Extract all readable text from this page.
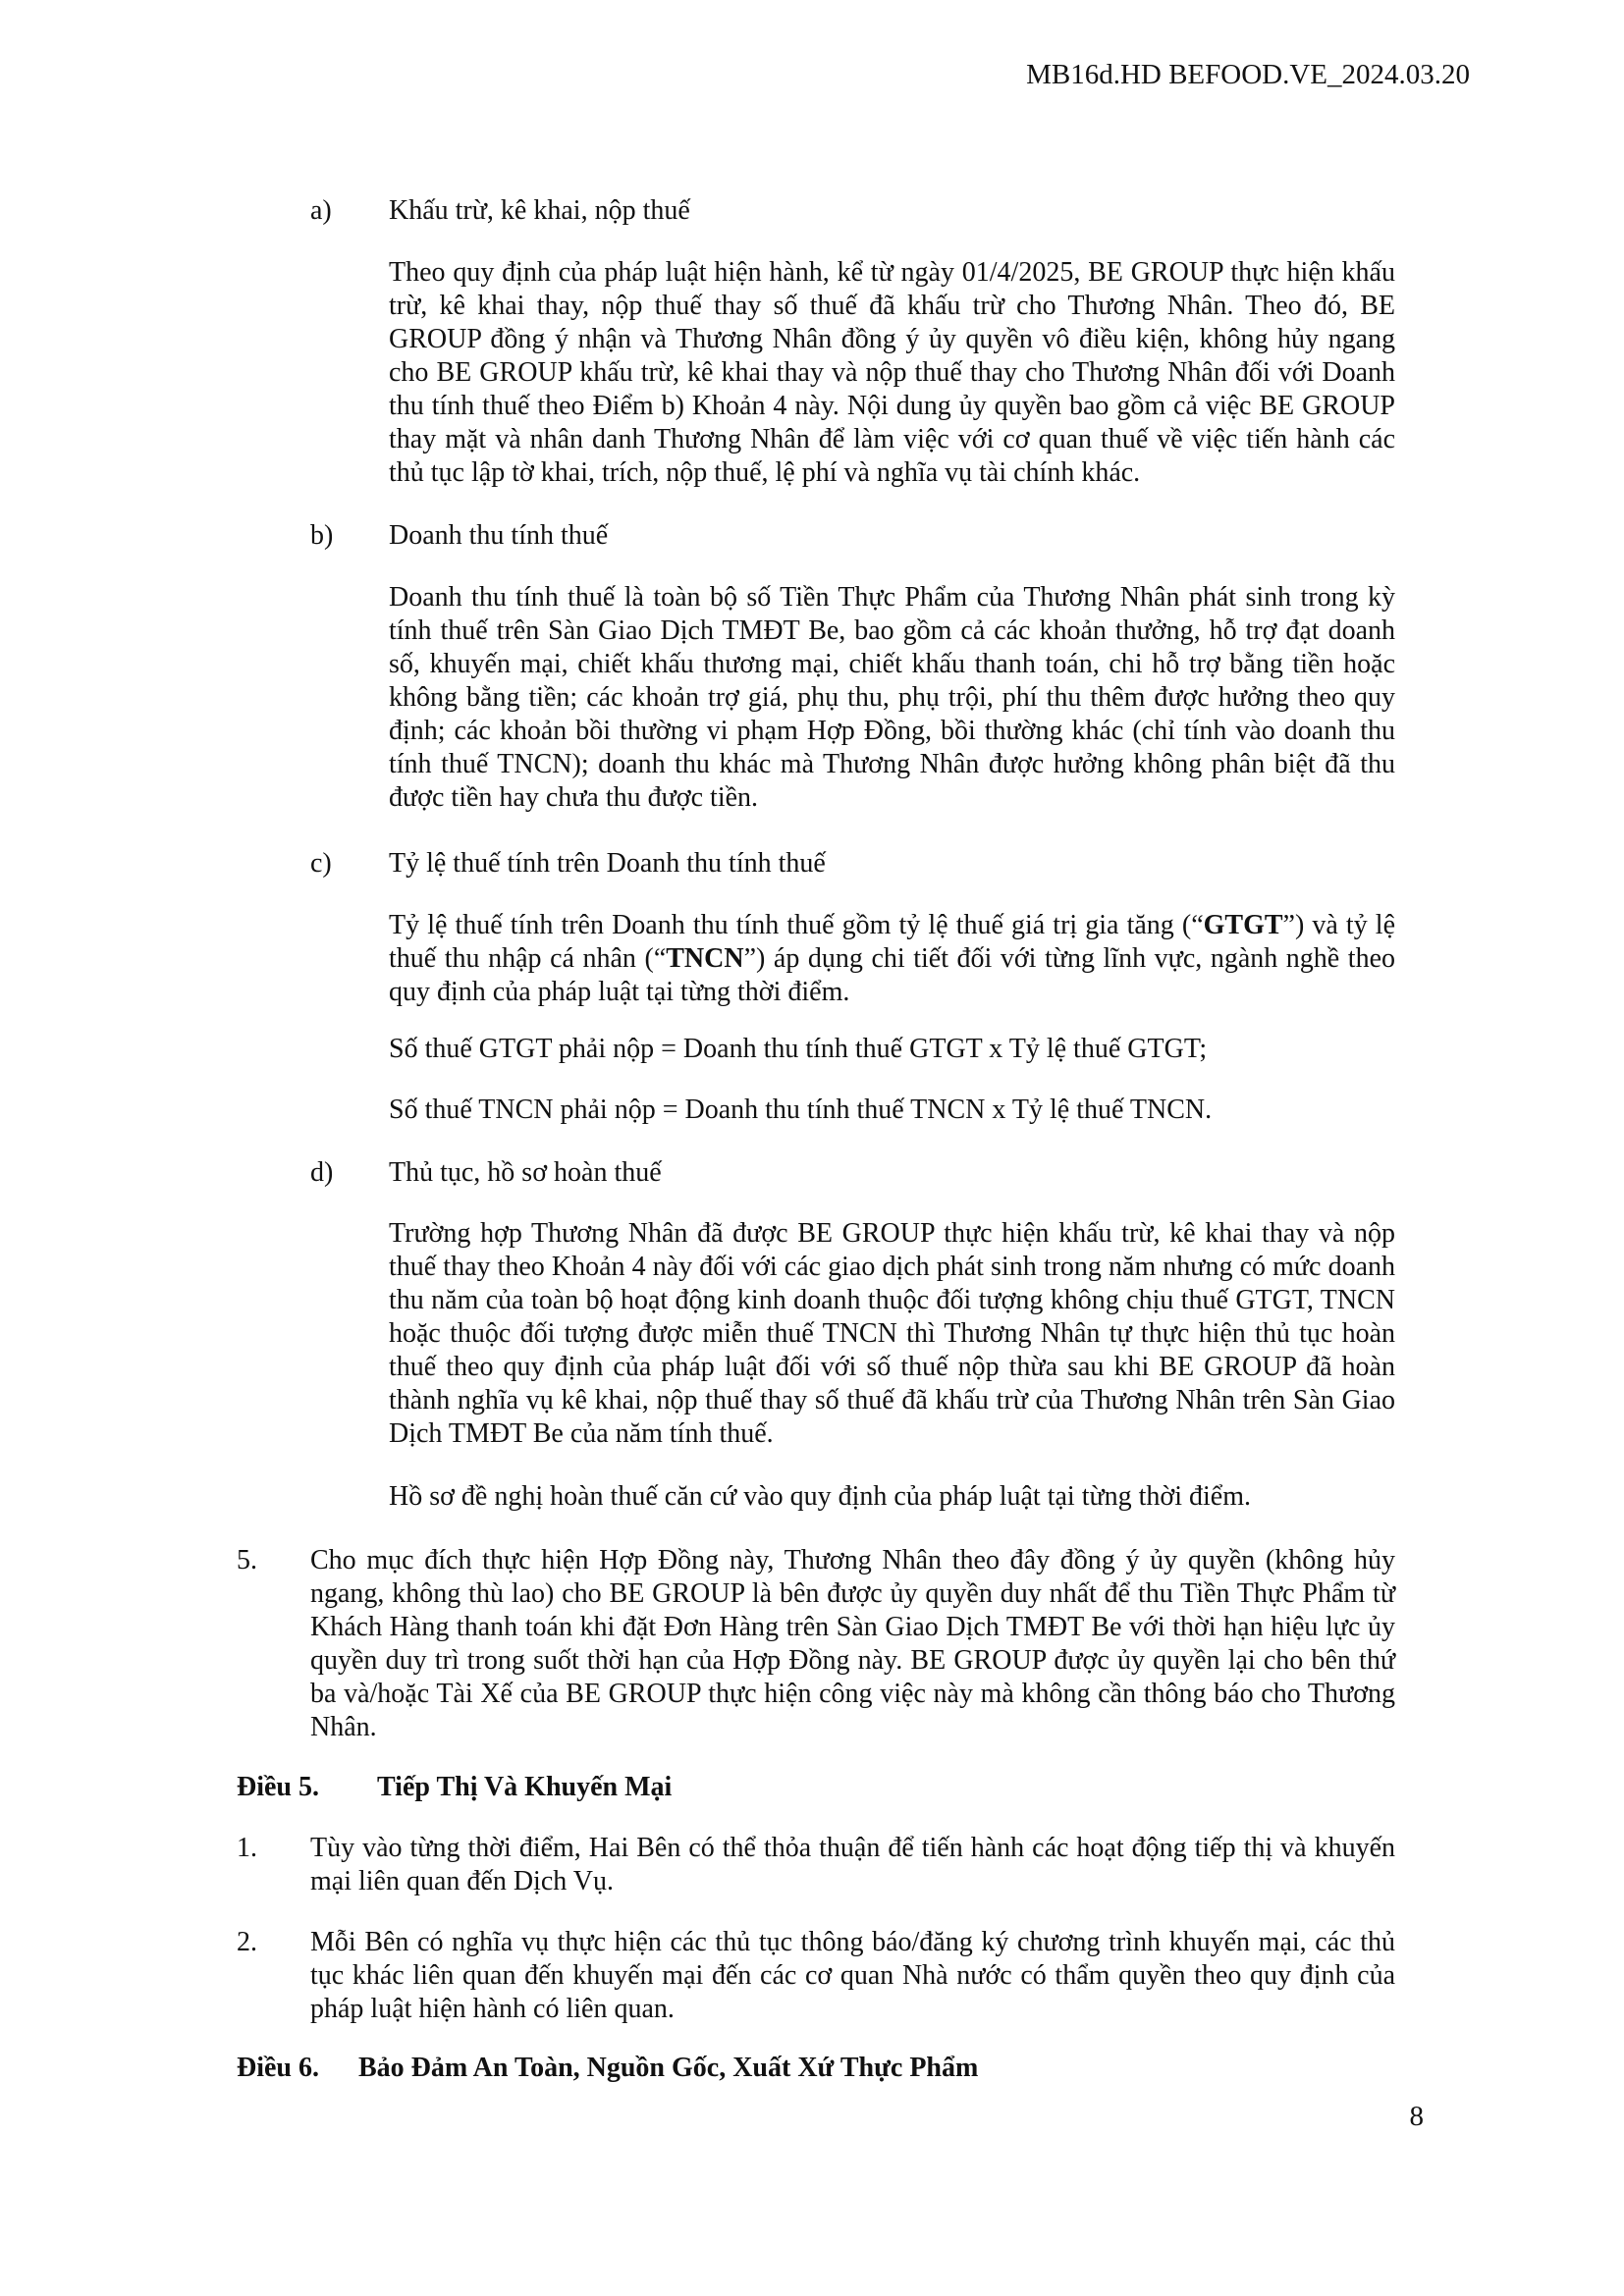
MB16d.HD BEFOOD.VE_2024.03.20
a) Khấu trừ, kê khai, nộp thuế
Theo quy định của pháp luật hiện hành, kể từ ngày 01/4/2025, BE GROUP thực hiện khấu trừ, kê khai thay, nộp thuế thay số thuế đã khấu trừ cho Thương Nhân. Theo đó, BE GROUP đồng ý nhận và Thương Nhân đồng ý ủy quyền vô điều kiện, không hủy ngang cho BE GROUP khấu trừ, kê khai thay và nộp thuế thay cho Thương Nhân đối với Doanh thu tính thuế theo Điểm b) Khoản 4 này. Nội dung ủy quyền bao gồm cả việc BE GROUP thay mặt và nhân danh Thương Nhân để làm việc với cơ quan thuế về việc tiến hành các thủ tục lập tờ khai, trích, nộp thuế, lệ phí và nghĩa vụ tài chính khác.
b) Doanh thu tính thuế
Doanh thu tính thuế là toàn bộ số Tiền Thực Phẩm của Thương Nhân phát sinh trong kỳ tính thuế trên Sàn Giao Dịch TMĐT Be, bao gồm cả các khoản thưởng, hỗ trợ đạt doanh số, khuyến mại, chiết khấu thương mại, chiết khấu thanh toán, chi hỗ trợ bằng tiền hoặc không bằng tiền; các khoản trợ giá, phụ thu, phụ trội, phí thu thêm được hưởng theo quy định; các khoản bồi thường vi phạm Hợp Đồng, bồi thường khác (chỉ tính vào doanh thu tính thuế TNCN); doanh thu khác mà Thương Nhân được hưởng không phân biệt đã thu được tiền hay chưa thu được tiền.
c) Tỷ lệ thuế tính trên Doanh thu tính thuế
Tỷ lệ thuế tính trên Doanh thu tính thuế gồm tỷ lệ thuế giá trị gia tăng (“GTGT”) và tỷ lệ thuế thu nhập cá nhân (“TNCN”) áp dụng chi tiết đối với từng lĩnh vực, ngành nghề theo quy định của pháp luật tại từng thời điểm.
Số thuế GTGT phải nộp = Doanh thu tính thuế GTGT x Tỷ lệ thuế GTGT;
Số thuế TNCN phải nộp = Doanh thu tính thuế TNCN x Tỷ lệ thuế TNCN.
d) Thủ tục, hồ sơ hoàn thuế
Trường hợp Thương Nhân đã được BE GROUP thực hiện khấu trừ, kê khai thay và nộp thuế thay theo Khoản 4 này đối với các giao dịch phát sinh trong năm nhưng có mức doanh thu năm của toàn bộ hoạt động kinh doanh thuộc đối tượng không chịu thuế GTGT, TNCN hoặc thuộc đối tượng được miễn thuế TNCN thì Thương Nhân tự thực hiện thủ tục hoàn thuế theo quy định của pháp luật đối với số thuế nộp thừa sau khi BE GROUP đã hoàn thành nghĩa vụ kê khai, nộp thuế thay số thuế đã khấu trừ của Thương Nhân trên Sàn Giao Dịch TMĐT Be của năm tính thuế.
Hồ sơ đề nghị hoàn thuế căn cứ vào quy định của pháp luật tại từng thời điểm.
5. Cho mục đích thực hiện Hợp Đồng này, Thương Nhân theo đây đồng ý ủy quyền (không hủy ngang, không thù lao) cho BE GROUP là bên được ủy quyền duy nhất để thu Tiền Thực Phẩm từ Khách Hàng thanh toán khi đặt Đơn Hàng trên Sàn Giao Dịch TMĐT Be với thời hạn hiệu lực ủy quyền duy trì trong suốt thời hạn của Hợp Đồng này. BE GROUP được ủy quyền lại cho bên thứ ba và/hoặc Tài Xế của BE GROUP thực hiện công việc này mà không cần thông báo cho Thương Nhân.
Điều 5. Tiếp Thị Và Khuyến Mại
1. Tùy vào từng thời điểm, Hai Bên có thể thỏa thuận để tiến hành các hoạt động tiếp thị và khuyến mại liên quan đến Dịch Vụ.
2. Mỗi Bên có nghĩa vụ thực hiện các thủ tục thông báo/đăng ký chương trình khuyến mại, các thủ tục khác liên quan đến khuyến mại đến các cơ quan Nhà nước có thẩm quyền theo quy định của pháp luật hiện hành có liên quan.
Điều 6. Bảo Đảm An Toàn, Nguồn Gốc, Xuất Xứ Thực Phẩm
8
